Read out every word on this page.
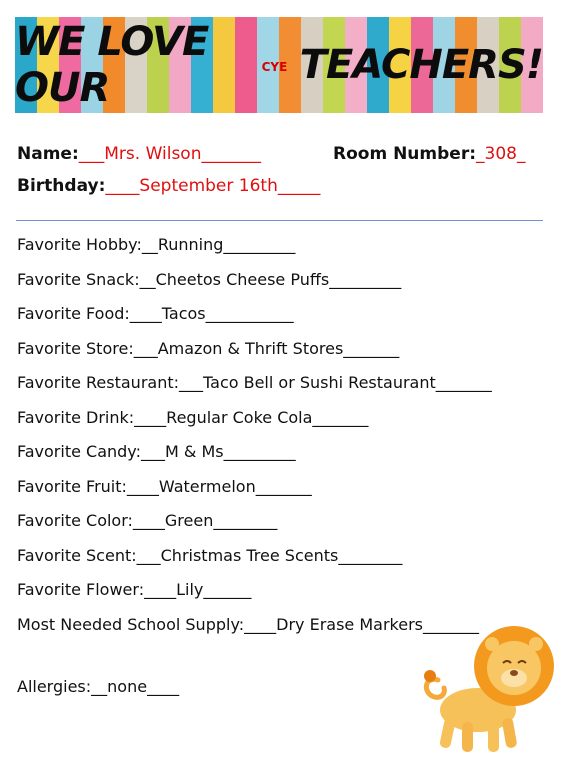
WE LOVE OUR	CYE TEACHERS!
Name:___Mrs. Wilson_______	Room Number:_308_
Birthday:____September 16th_____
Favorite Hobby:__Running_________
Favorite Snack:__Cheetos Cheese Puffs_________
Favorite Food:____Tacos___________
Favorite Store:___Amazon & Thrift Stores_______
Favorite Restaurant:___Taco Bell or Sushi Restaurant_______
Favorite Drink:____Regular Coke Cola_______
Favorite Candy:___M & Ms_________
Favorite Fruit:____Watermelon_______
Favorite Color:____Green________
Favorite Scent:___Christmas Tree Scents________
Favorite Flower:____Lily______
Most Needed School Supply:____Dry Erase Markers_______
Allergies:__none____
